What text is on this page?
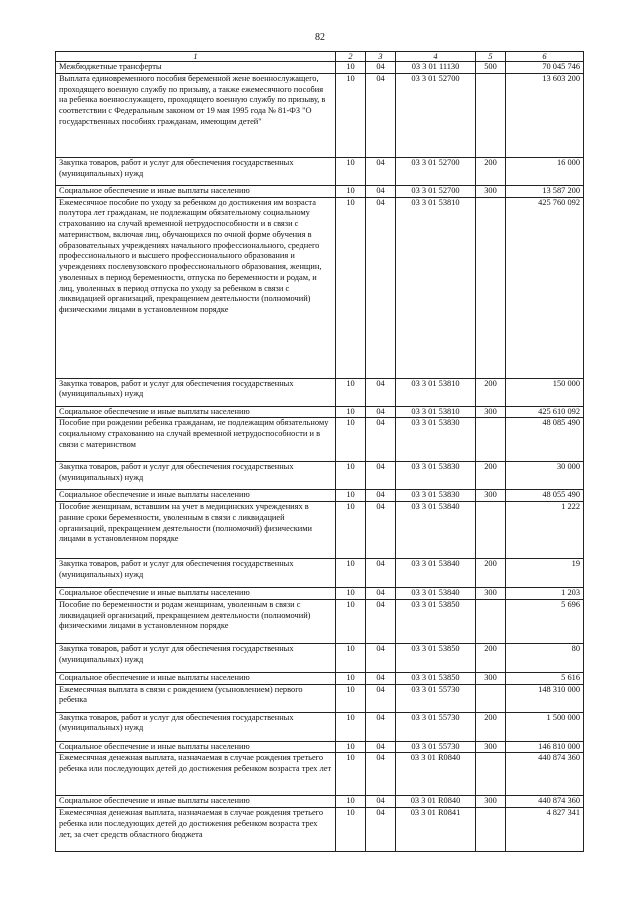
82
1	2	3	4	5	6
Межбюджетные трансферты	10	04	03 3 01 11130	500	70 045 746
Выплата единовременного пособия беременной жене военнослужащего, проходящего военную службу по призыву, а также ежемесячного пособия на ребенка военнослужащего, проходящего военную службу по призыву, в соответствии с Федеральным законом от 19 мая 1995 года № 81-ФЗ "О государственных пособиях гражданам, имеющим детей"	10	04	03 3 01 52700		13 603 200
Закупка товаров, работ и услуг для обеспечения государственных (муниципальных) нужд	10	04	03 3 01 52700	200	16 000
Социальное обеспечение и иные выплаты населению	10	04	03 3 01 52700	300	13 587 200
Ежемесячное пособие по уходу за ребенком до достижения им возраста полутора лет гражданам, не подлежащим обязательному социальному страхованию на случай временной нетрудоспособности и в связи с материнством, включая лиц, обучающихся по очной форме обучения в образовательных учреждениях начального профессионального, среднего профессионального и высшего профессионального образования и учреждениях послевузовского профессионального образования, женщин, уволенных в период беременности, отпуска по беременности и родам, и лиц, уволенных в период отпуска по уходу за ребенком в связи с ликвидацией организаций, прекращением деятельности (полномочий) физическими лицами в установленном порядке	10	04	03 3 01 53810		425 760 092
Закупка товаров, работ и услуг для обеспечения государственных (муниципальных) нужд	10	04	03 3 01 53810	200	150 000
Социальное обеспечение и иные выплаты населению	10	04	03 3 01 53810	300	425 610 092
Пособие при рождении ребенка гражданам, не подлежащим обязательному социальному страхованию на случай временной нетрудоспособности и в связи с материнством	10	04	03 3 01 53830		48 085 490
Закупка товаров, работ и услуг для обеспечения государственных (муниципальных) нужд	10	04	03 3 01 53830	200	30 000
Социальное обеспечение и иные выплаты населению	10	04	03 3 01 53830	300	48 055 490
Пособие женщинам, вставшим на учет в медицинских учреждениях в ранние сроки беременности, уволенным в связи с ликвидацией организаций, прекращением деятельности (полномочий) физическими лицами в установленном порядке	10	04	03 3 01 53840		1 222
Закупка товаров, работ и услуг для обеспечения государственных (муниципальных) нужд	10	04	03 3 01 53840	200	19
Социальное обеспечение и иные выплаты населению	10	04	03 3 01 53840	300	1 203
Пособие по беременности и родам женщинам, уволенным в связи с ликвидацией организаций, прекращением деятельности (полномочий) физическими лицами в установленном порядке	10	04	03 3 01 53850		5 696
Закупка товаров, работ и услуг для обеспечения государственных (муниципальных) нужд	10	04	03 3 01 53850	200	80
Социальное обеспечение и иные выплаты населению	10	04	03 3 01 53850	300	5 616
Ежемесячная выплата в связи с рождением (усыновлением) первого ребенка	10	04	03 3 01 55730		148 310 000
Закупка товаров, работ и услуг для обеспечения государственных (муниципальных) нужд	10	04	03 3 01 55730	200	1 500 000
Социальное обеспечение и иные выплаты населению	10	04	03 3 01 55730	300	146 810 000
Ежемесячная денежная выплата, назначаемая в случае рождения третьего ребенка или последующих детей до достижения ребенком возраста трех лет	10	04	03 3 01 R0840		440 874 360
Социальное обеспечение и иные выплаты населению	10	04	03 3 01 R0840	300	440 874 360
Ежемесячная денежная выплата, назначаемая в случае рождения третьего ребенка или последующих детей до достижения ребенком возраста трех лет, за счет средств областного бюджета	10	04	03 3 01 R0841		4 827 341
